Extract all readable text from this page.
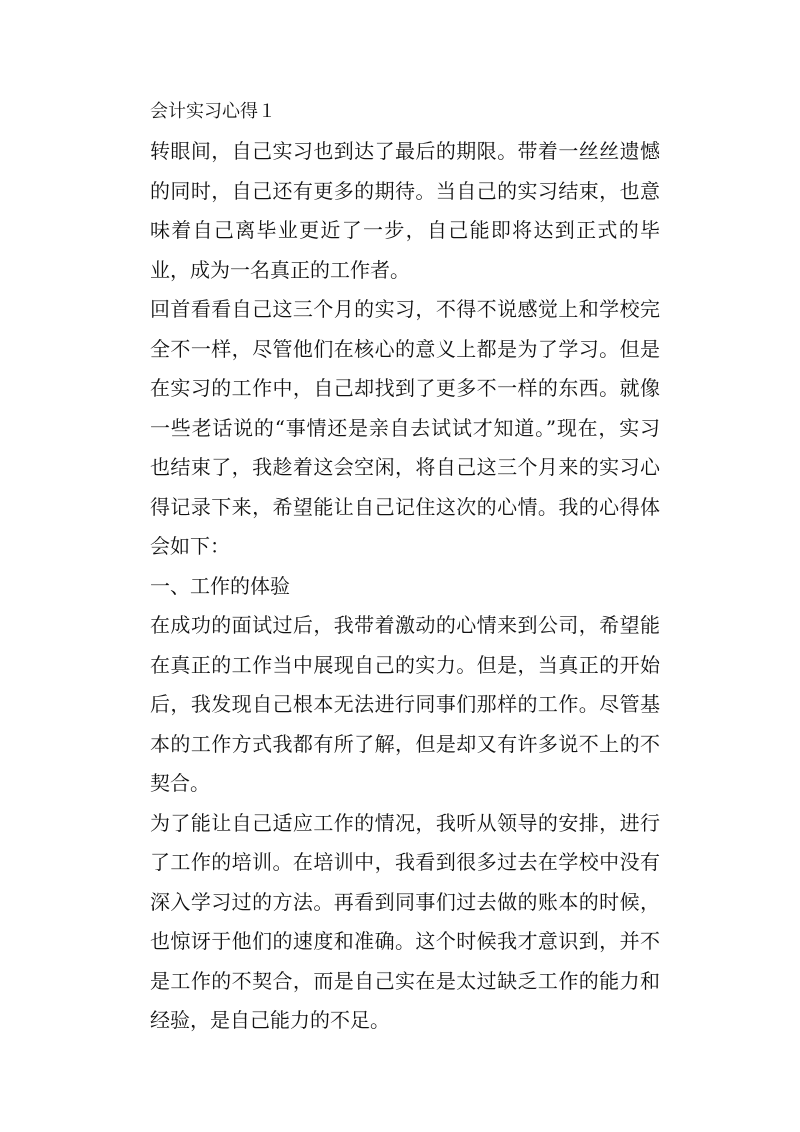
会计实习心得１

转眼间，自己实习也到达了最后的期限。带着一丝丝遗憾的同时，自己还有更多的期待。当自己的实习结束，也意味着自己离毕业更近了一步，自己能即将达到正式的毕业，成为一名真正的工作者。

回首看看自己这三个月的实习，不得不说感觉上和学校完全不一样，尽管他们在核心的意义上都是为了学习。但是在实习的工作中，自己却找到了更多不一样的东西。就像一些老话说的“事情还是亲自去试试才知道。”现在，实习也结束了，我趁着这会空闲，将自己这三个月来的实习心得记录下来，希望能让自己记住这次的心情。我的心得体会如下：

一、工作的体验

在成功的面试过后，我带着激动的心情来到公司，希望能在真正的工作当中展现自己的实力。但是，当真正的开始后，我发现自己根本无法进行同事们那样的工作。尽管基本的工作方式我都有所了解，但是却又有许多说不上的不契合。

为了能让自己适应工作的情况，我听从领导的安排，进行了工作的培训。在培训中，我看到很多过去在学校中没有深入学习过的方法。再看到同事们过去做的账本的时候，也惊讶于他们的速度和准确。这个时候我才意识到，并不是工作的不契合，而是自己实在是太过缺乏工作的能力和经验，是自己能力的不足。
